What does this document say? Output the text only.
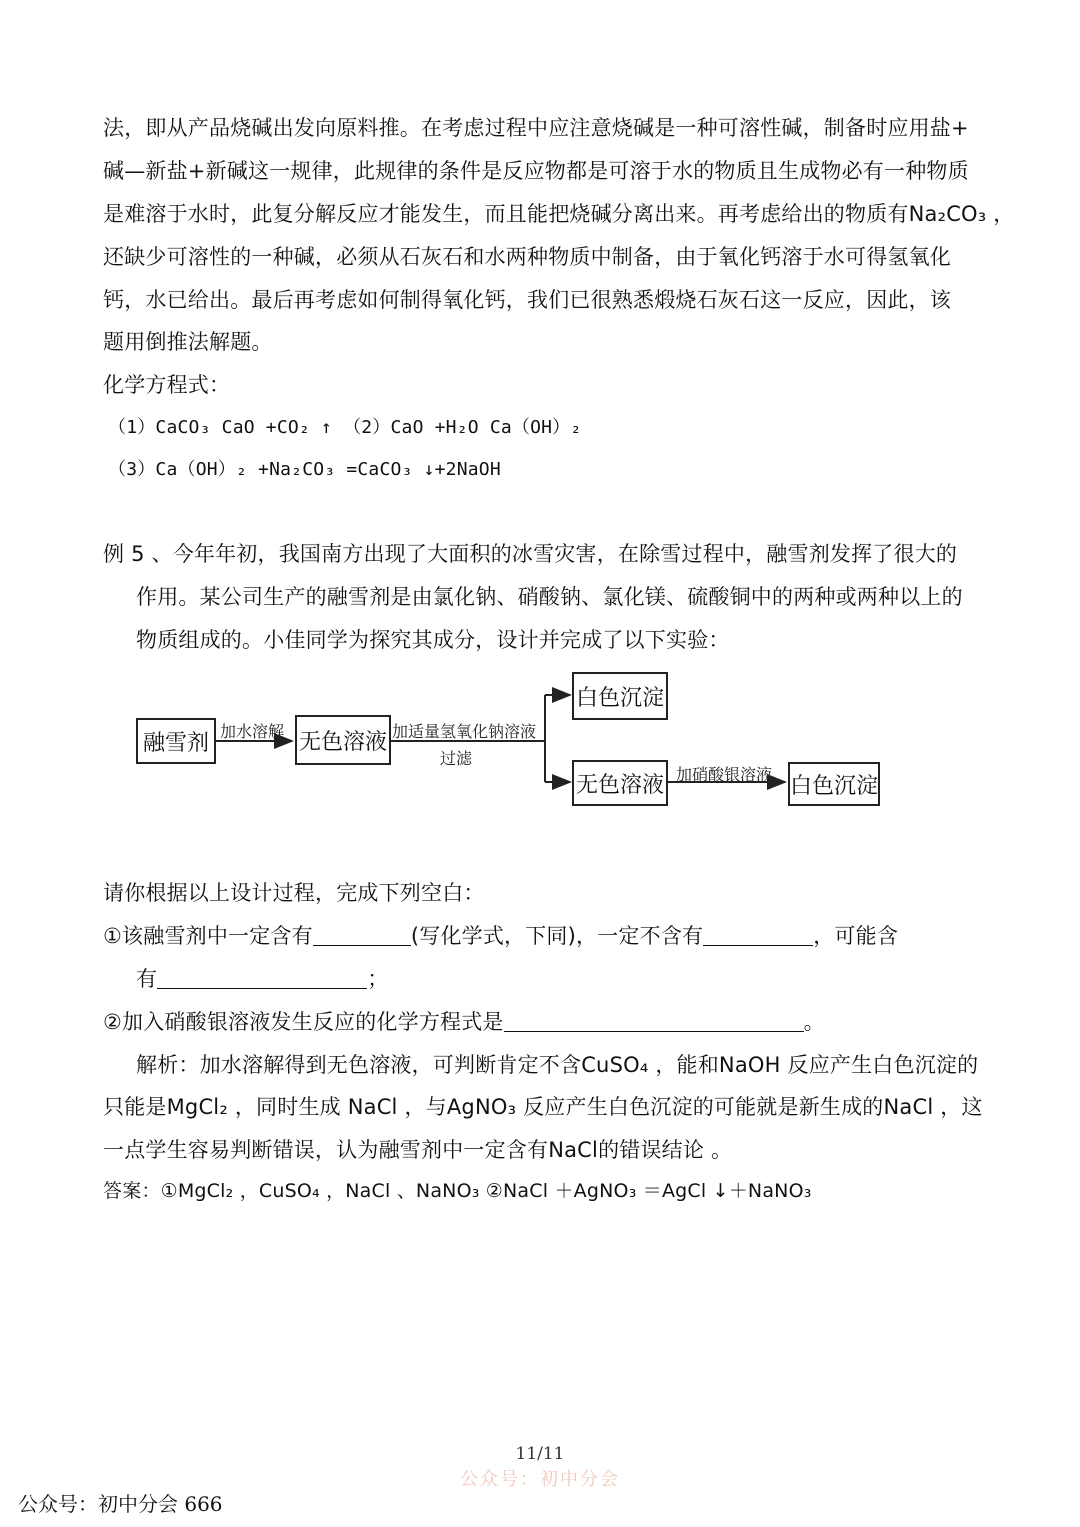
法，即从产品烧碱出发向原料推。在考虑过程中应注意烧碱是一种可溶性碱，制备时应用盐+
碱—新盐+新碱这一规律，此规律的条件是反应物都是可溶于水的物质且生成物必有一种物质
是难溶于水时，此复分解反应才能发生，而且能把烧碱分离出来。再考虑给出的物质有Na₂CO₃ ，
还缺少可溶性的一种碱，必须从石灰石和水两种物质中制备，由于氧化钙溶于水可得氢氧化
钙，水已给出。最后再考虑如何制得氧化钙，我们已很熟悉煅烧石灰石这一反应，因此，该
题用倒推法解题。
化学方程式：
（1）CaCO₃ CaO +CO₂ ↑ （2）CaO +H₂O Ca（OH）₂
（3）Ca（OH）₂ +Na₂CO₃ =CaCO₃ ↓+2NaOH
例 5 、今年年初，我国南方出现了大面积的冰雪灾害，在除雪过程中，融雪剂发挥了很大的
作用。某公司生产的融雪剂是由氯化钠、硝酸钠、氯化镁、硫酸铜中的两种或两种以上的
物质组成的。小佳同学为探究其成分，设计并完成了以下实验：
融雪剂 加水溶解 无色溶液 加适量氢氧化钠溶液
过滤
白色沉淀
无色溶液 加硝酸银溶液 白色沉淀
请你根据以上设计过程，完成下列空白：
①该融雪剂中一定含有	(写化学式，下同)，一定不含有	，可能含
有	；
②加入硝酸银溶液发生反应的化学方程式是	。
解析：加水溶解得到无色溶液，可判断肯定不含CuSO₄ ，能和NaOH 反应产生白色沉淀的
只能是MgCl₂ ，同时生成 NaCl ，与AgNO₃ 反应产生白色沉淀的可能就是新生成的NaCl ，这
一点学生容易判断错误，认为融雪剂中一定含有NaCl的错误结论 。
答案：①MgCl₂ ，CuSO₄ ，NaCl 、NaNO₃ ②NaCl ＋AgNO₃ ＝AgCl ↓＋NaNO₃
11/11
公众号：初中分会
公众号：初中分会 666
